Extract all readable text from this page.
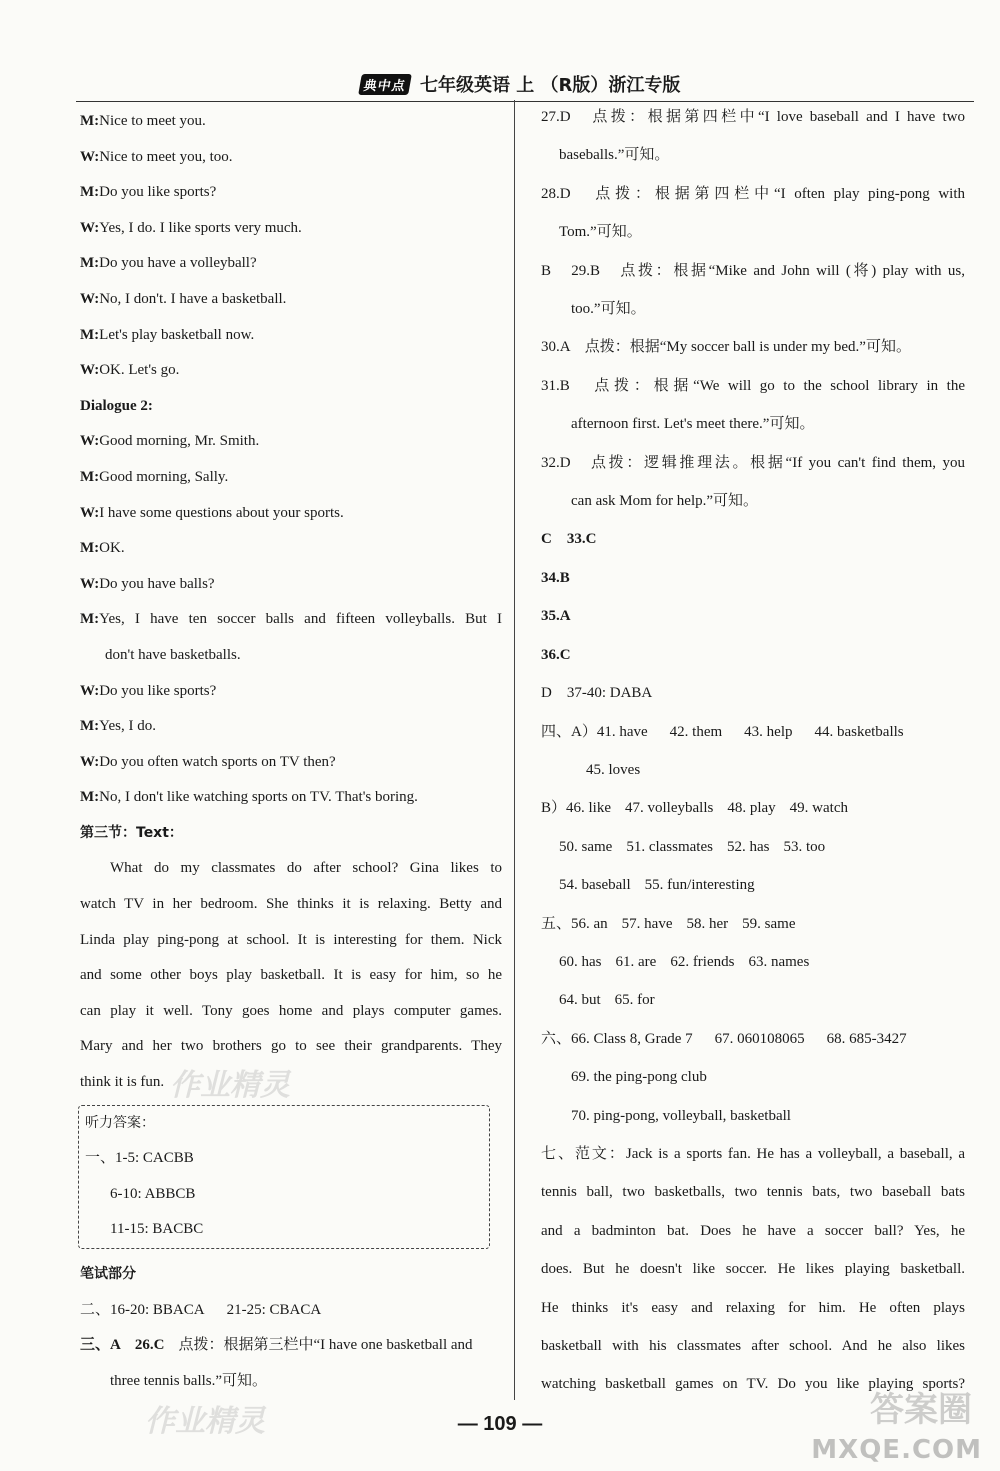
典中点 七年级英语 上 （R版）浙江专版
M:Nice to meet you.
W:Nice to meet you, too.
M:Do you like sports?
W:Yes, I do. I like sports very much.
M:Do you have a volleyball?
W:No, I don't. I have a basketball.
M:Let's play basketball now.
W:OK. Let's go.
Dialogue 2:
W:Good morning, Mr. Smith.
M:Good morning, Sally.
W:I have some questions about your sports.
M:OK.
W:Do you have balls?
M:Yes, I have ten soccer balls and fifteen volleyballs. But I
don't have basketballs.
W:Do you like sports?
M:Yes, I do.
W:Do you often watch sports on TV then?
M:No, I don't like watching sports on TV. That's boring.
第三节：Text：
What do my classmates do after school? Gina likes to
watch TV in her bedroom. She thinks it is relaxing. Betty and
Linda play ping-pong at school. It is interesting for them. Nick
and some other boys play basketball. It is easy for him, so he
can play it well. Tony goes home and plays computer games.
Mary and her two brothers go to see their grandparents. They
think it is fun.
听力答案：
一、1-5: CACBB
6-10: ABBCB
11-15: BACBC
笔试部分
二、16-20: BBACA 21-25: CBACA
三、A 26.C 点拨：根据第三栏中“I have one basketball and
three tennis balls.”可知。
27.D　点拨：根据第四栏中“I love baseball and I have two
baseballs.”可知。
28.D　点拨：根据第四栏中“I often play ping-pong with
Tom.”可知。
B　29.B　点拨：根据“Mike and John will (将) play with us,
too.”可知。
30.A　点拨：根据“My soccer ball is under my bed.”可知。
31.B　点拨：根据“We will go to the school library in the
afternoon first. Let's meet there.”可知。
32.D　点拨：逻辑推理法。根据“If you can't find them, you
can ask Mom for help.”可知。
C　33.C
34.B
35.A
36.C
D　37-40: DABA
四、A）41. have 42. them 43. help 44. basketballs
45. loves
B）46. like 47. volleyballs 48. play 49. watch
50. same 51. classmates 52. has 53. too
54. baseball 55. fun/interesting
五、56. an 57. have 58. her 59. same
60. has 61. are 62. friends 63. names
64. but 65. for
六、66. Class 8, Grade 7 67. 060108065 68. 685-3427
69. the ping-pong club
70. ping-pong, volleyball, basketball
七、范文：Jack is a sports fan. He has a volleyball, a baseball, a
tennis ball, two basketballs, two tennis bats, two baseball bats
and a badminton bat. Does he have a soccer ball? Yes, he
does. But he doesn't like soccer. He likes playing basketball.
He thinks it's easy and relaxing for him. He often plays
basketball with his classmates after school. And he also likes
watching basketball games on TV. Do you like playing sports?
作业精灵
作业精灵	答案圈
MXQE.COM
— 109 —
